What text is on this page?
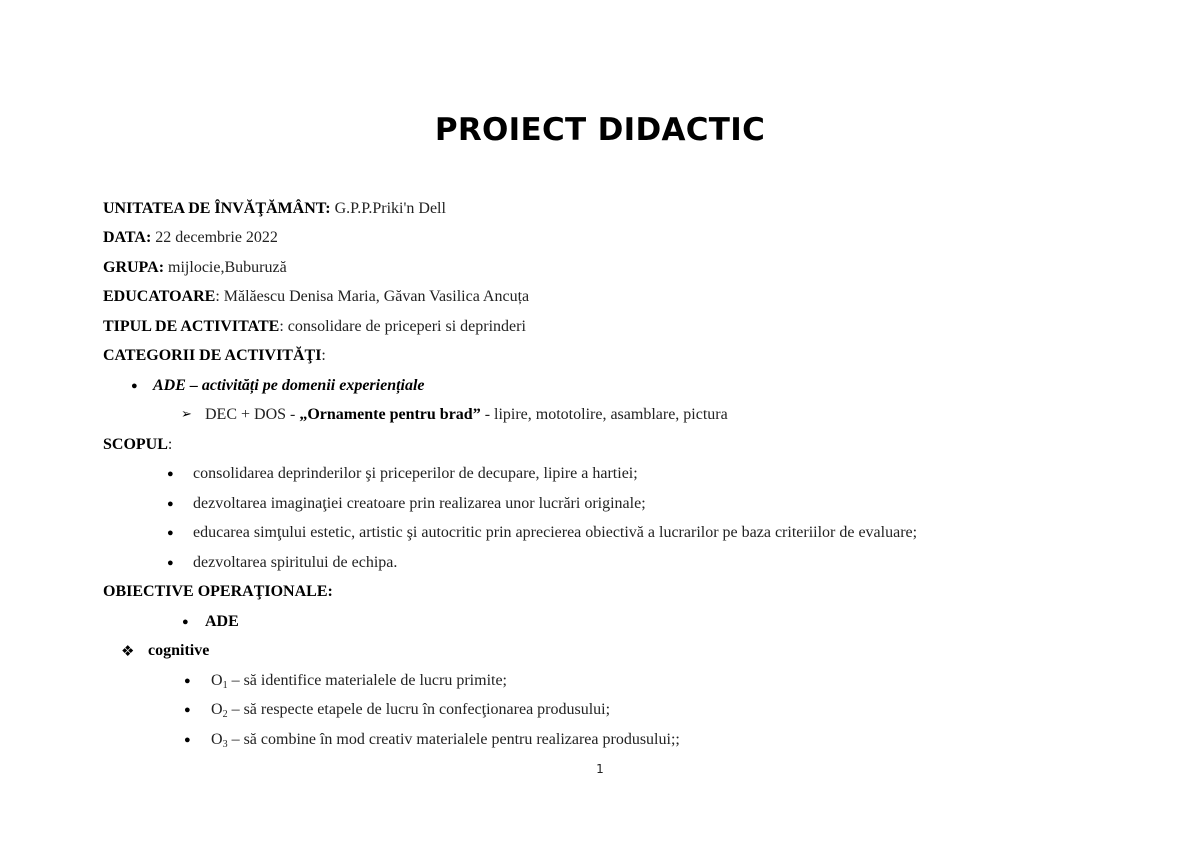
PROIECT DIDACTIC
UNITATEA DE ÎNVĂŢĂMÂNT: G.P.P.Priki'n Dell
DATA: 22 decembrie 2022
GRUPA: mijlocie,Buburuză
EDUCATOARE: Mălăescu Denisa Maria, Găvan Vasilica Ancuța
TIPUL DE ACTIVITATE: consolidare de priceperi si deprinderi
CATEGORII DE ACTIVITĂŢI:
● ADE – activități pe domenii experiențiale
➢ DEC + DOS - „Ornamente pentru brad” - lipire, mototolire, asamblare, pictura
SCOPUL:
● consolidarea deprinderilor şi priceperilor de decupare, lipire a hartiei;
● dezvoltarea imaginaţiei creatoare prin realizarea unor lucrări originale;
● educarea simţului estetic, artistic şi autocritic prin aprecierea obiectivă a lucrarilor pe baza criteriilor de evaluare;
● dezvoltarea spiritului de echipa.
OBIECTIVE OPERAŢIONALE:
● ADE
❖ cognitive
● $O_1$ – să identifice materialele de lucru primite;
● $O_2$ – să respecte etapele de lucru în confecţionarea produsului;
● $O_3$ – să combine în mod creativ materialele pentru realizarea produsului;;
1
